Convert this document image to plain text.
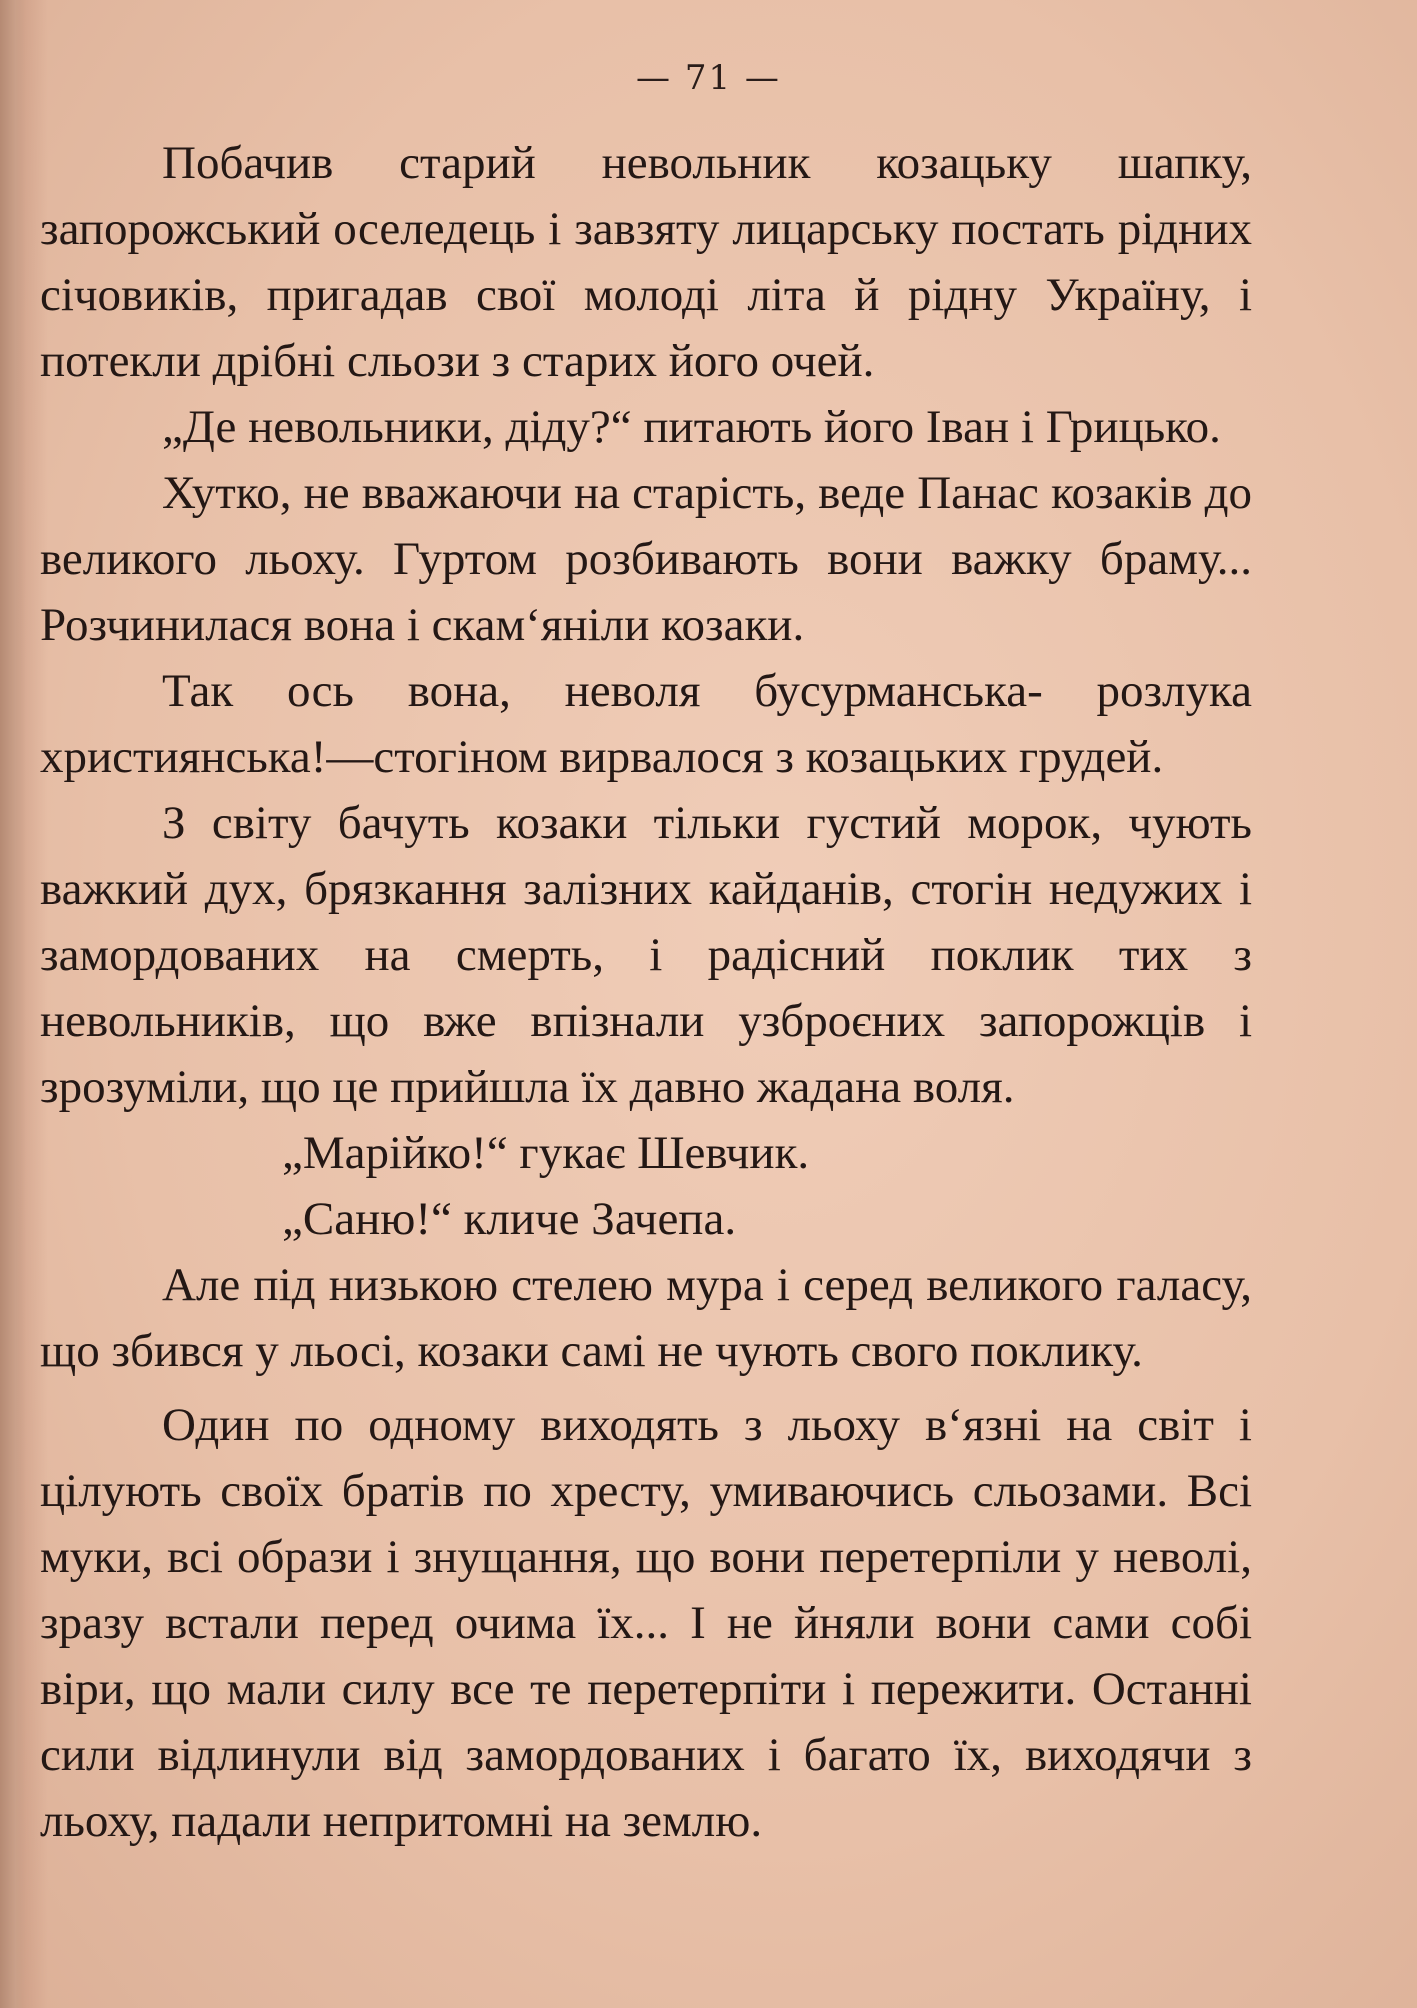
— 71 —

Побачив старий невольник козацьку шапку, запорожський оселедець і завзяту лицарську постать рідних січовиків, пригадав свої молоді літа й рідну Україну, і потекли дрібні сльози з старих його очей.

„Де невольники, діду?“ питають його Іван і Грицько.

Хутко, не вважаючи на старість, веде Панас козаків до великого льоху. Гуртом розбивають вони важку браму... Розчинилася вона і скам‘яніли козаки.

Так ось вона, неволя бусурманська- розлука християнська!—стогіном вирвалося з козацьких грудей.

З світу бачуть козаки тільки густий морок, чують важкий дух, брязкання залізних кайданів, стогін недужих і замордованих на смерть, і радісний поклик тих з невольників, що вже впізнали узброєних запорожців і зрозуміли, що це прийшла їх давно жадана воля.

„Марійко!“ гукає Шевчик.

„Саню!“ кличе Зачепа.

Але під низькою стелею мура і серед великого галасу, що збився у льосі, козаки самі не чують свого поклику.

Один по одному виходять з льоху в‘язні на світ і цілують своїх братів по хресту, умиваючись сльозами. Всі муки, всі образи і знущання, що вони перетерпіли у неволі, зразу встали перед очима їх... І не йняли вони сами собі віри, що мали силу все те перетерпіти і пережити. Останні сили відлинули від замордованих і багато їх, виходячи з льоху, падали непритомні на землю.
